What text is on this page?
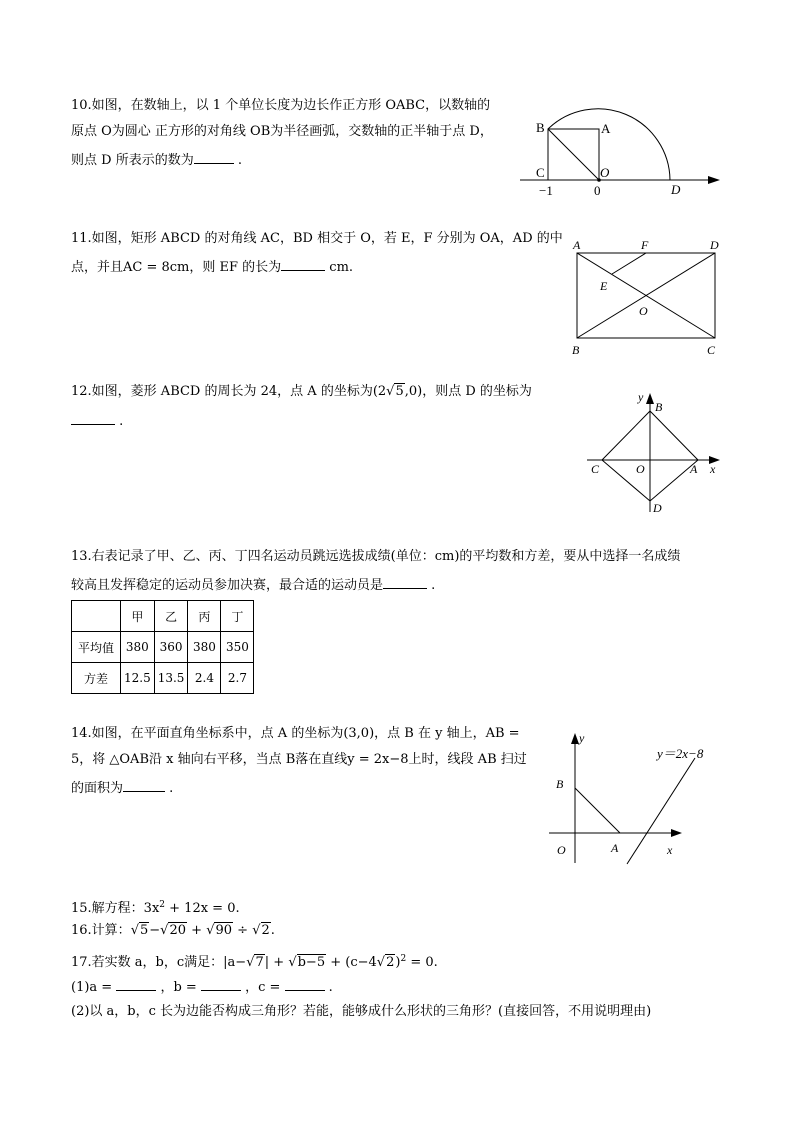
10.如图，在数轴上，以 1 个单位长度为边长作正方形 OABC，以数轴的
原点 O为圆心 正方形的对角线 OB为半径画弧，交数轴的正半轴于点 D，
则点 D 所表示的数为	.
B	A
C	O
D
−1	0
11.如图，矩形 ABCD 的对角线 AC，BD 相交于 O，若 E，F 分别为 OA，AD 的中
点，并且AC = 8cm，则 EF 的长为	cm.
A	F	D
E
O
B	C
12.如图，菱形 ABCD 的周长为 24，点 A 的坐标为(2√5,0)，则点 D 的坐标为
.
y
B
C	O	A x
D
13.右表记录了甲、乙、丙、丁四名运动员跳远选拔成绩(单位：cm)的平均数和方差，要从中选择一名成绩
较高且发挥稳定的运动员参加决赛，最合适的运动员是	.
	甲	乙	丙	丁
平均值	380	360	380	350
方差	12.5	13.5	2.4	2.7
14.如图，在平面直角坐标系中，点 A 的坐标为(3,0)，点 B 在 y 轴上，AB =
5，将 △OAB沿 x 轴向右平移，当点 B落在直线y = 2x−8上时，线段 AB 扫过
的面积为	.
y
y＝2x−8
B
O	A	x
15.解方程：$3x^2 + 12x = 0$.
16.计算：√5−√20 + √90 ÷ √2.
17.若实数 a，b，c满足：$|a-√7| + √b-5 + (c-4√2)^2 = 0$.
(1)a =	，b =	，c =	.
(2)以 a，b，c 长为边能否构成三角形？若能，能够成什么形状的三角形？(直接回答，不用说明理由)
